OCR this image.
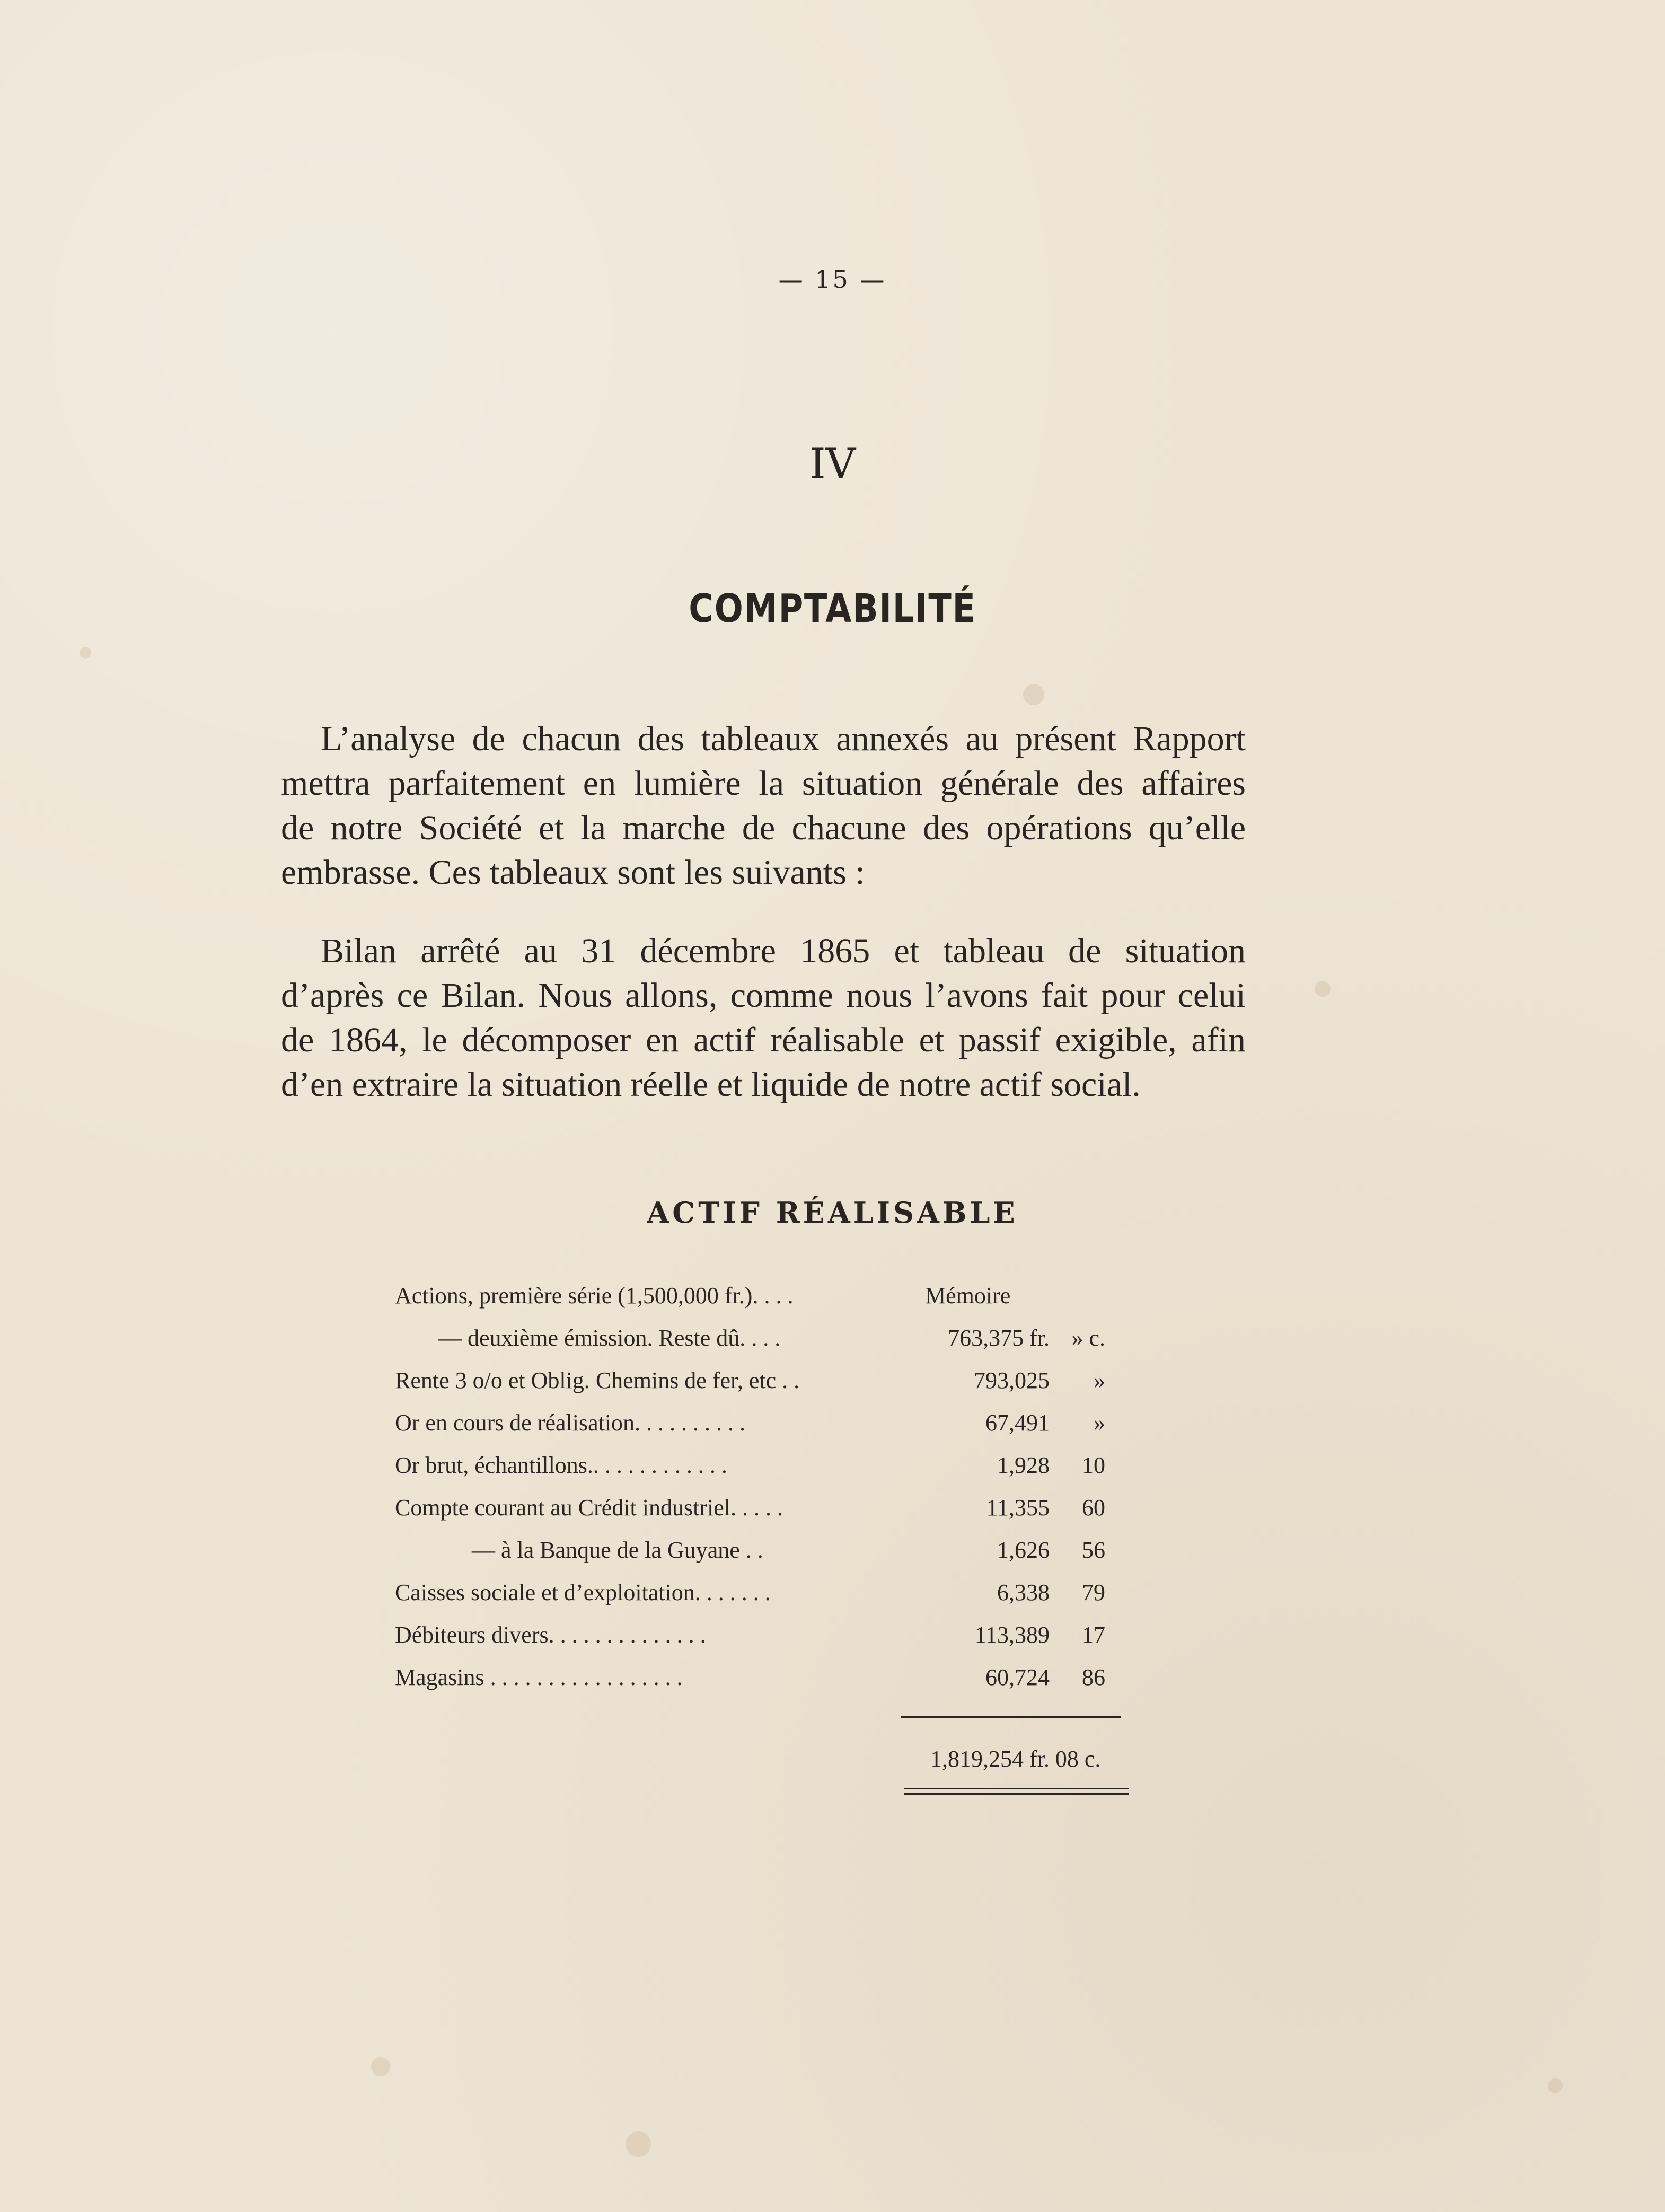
— 15 —
IV
COMPTABILITÉ
L’analyse de chacun des tableaux annexés au présent Rapport
mettra parfaitement en lumière la situation générale des affaires
de notre Société et la marche de chacune des opérations qu’elle
embrasse. Ces tableaux sont les suivants :
Bilan arrêté au 31 décembre 1865 et tableau de situation
d’après ce Bilan. Nous allons, comme nous l’avons fait pour celui
de 1864, le décomposer en actif réalisable et passif exigible, afin
d’en extraire la situation réelle et liquide de notre actif social.
ACTIF RÉALISABLE
Actions, première série (1,500,000 fr.). . . .	Mémoire
— deuxième émission. Reste dû. . . .	763,375 fr. » c.
Rente 3 o/o et Oblig. Chemins de fer, etc . .	793,025	»
Or en cours de réalisation. . . . . . . . . .	67,491	»
Or brut, échantillons.. . . . . . . . . . . .	1,928	10
Compte courant au Crédit industriel. . . . .	11,355	60
— à la Banque de la Guyane . .	1,626	56
Caisses sociale et d’exploitation. . . . . . .	6,338	79
Débiteurs divers. . . . . . . . . . . . . .	113,389	17
Magasins . . . . . . . . . . . . . . . . .	60,724	86
1,819,254 fr. 08 c.
